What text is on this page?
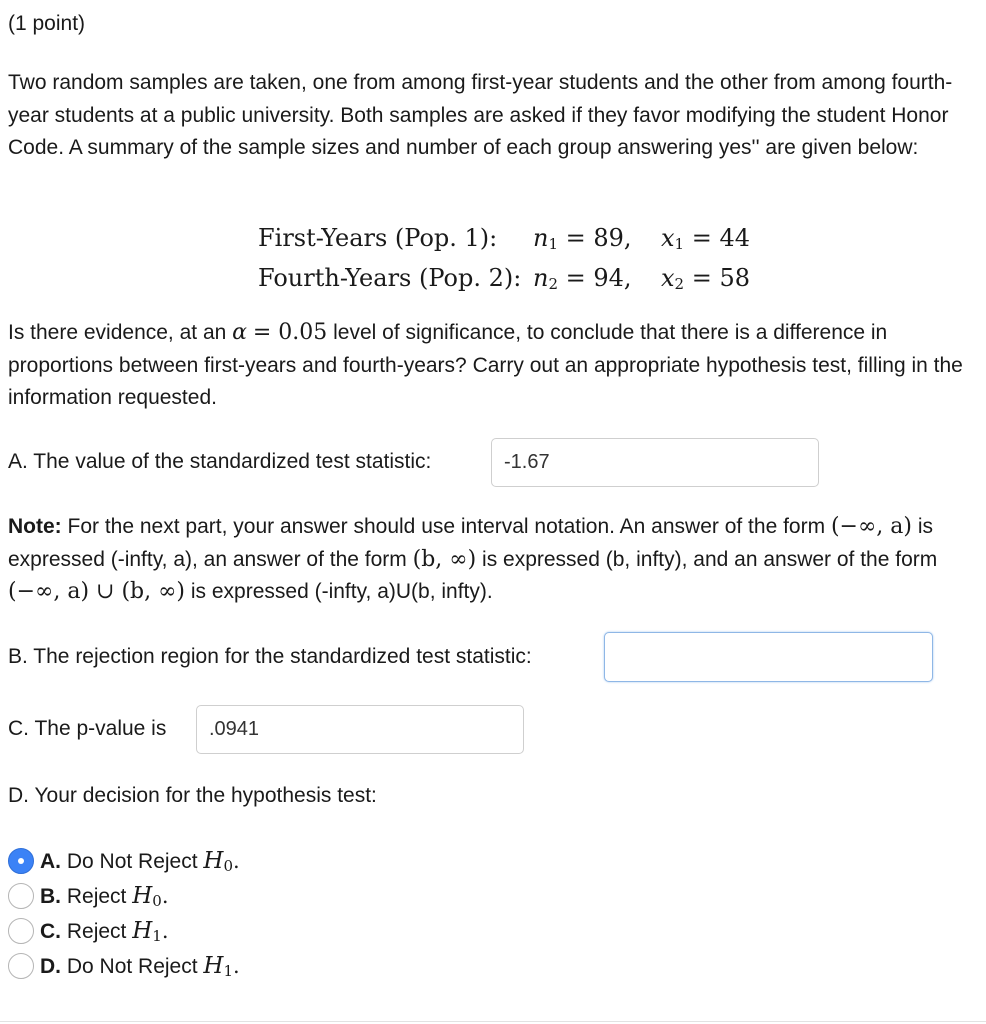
(1 point)
Two random samples are taken, one from among first-year students and the other from among fourth-year students at a public university. Both samples are asked if they favor modifying the student Honor Code. A summary of the sample sizes and number of each group answering yes'' are given below:
First-Years (Pop. 1): $n_1 = 89$, $x_1 = 44$
Fourth-Years (Pop. 2): $n_2 = 94$, $x_2 = 58$
Is there evidence, at an α = 0.05 level of significance, to conclude that there is a difference in proportions between first-years and fourth-years? Carry out an appropriate hypothesis test, filling in the information requested.
A. The value of the standardized test statistic:	-1.67
Note: For the next part, your answer should use interval notation. An answer of the form (−∞, a) is expressed (-infty, a), an answer of the form (b, ∞) is expressed (b, infty), and an answer of the form (−∞, a) ∪ (b, ∞) is expressed (-infty, a)U(b, infty).
B. The rejection region for the standardized test statistic:
C. The p-value is	.0941
D. Your decision for the hypothesis test:
A. Do Not Reject $H_0$.
B. Reject $H_0$.
C. Reject $H_1$.
D. Do Not Reject $H_1$.
